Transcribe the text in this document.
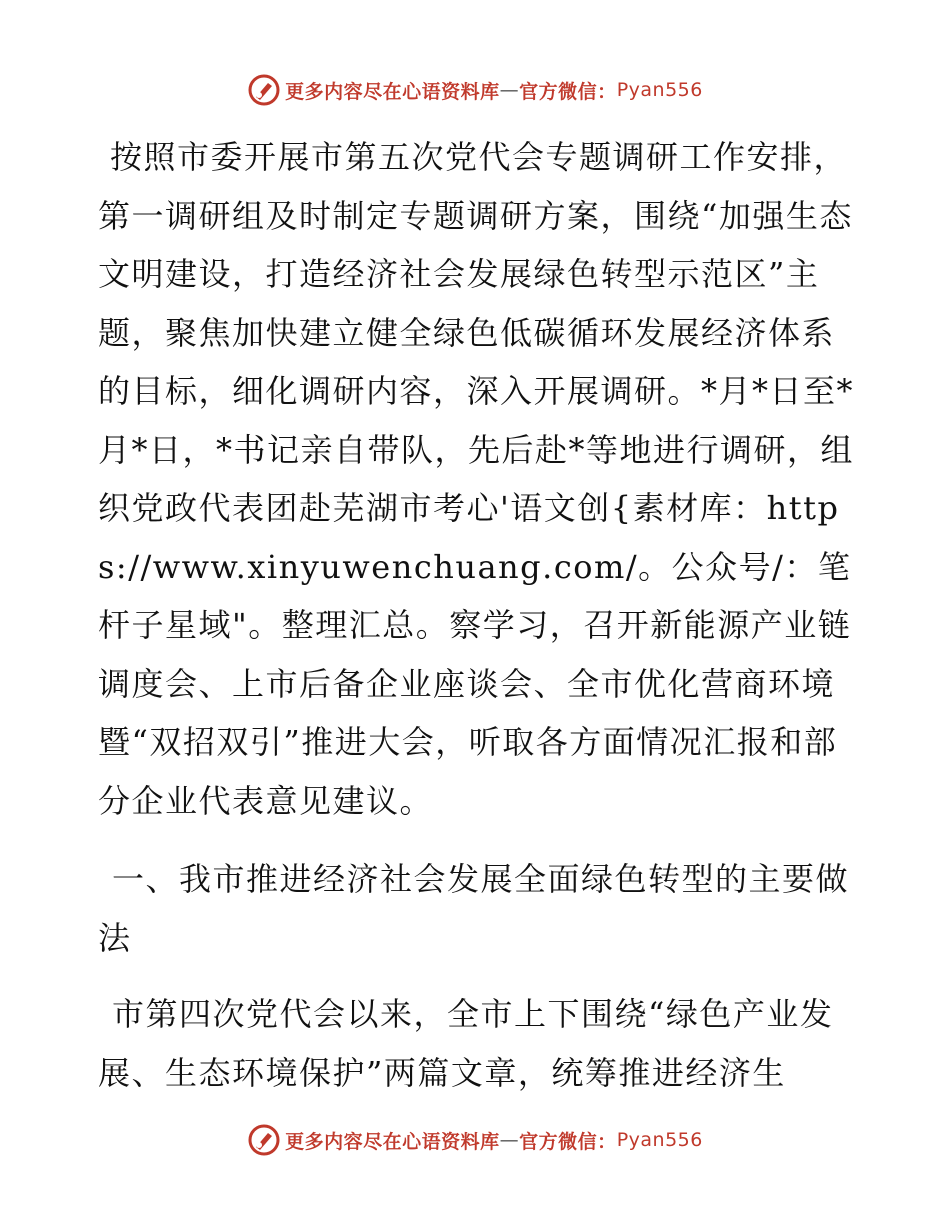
更多内容尽在心语资料库 — 官方微信： Pyan556

按照市委开展市第五次党代会专题调研工作安排，第一调研组及时制定专题调研方案，围绕“加强生态文明建设，打造经济社会发展绿色转型示范区”主题，聚焦加快建立健全绿色低碳循环发展经济体系的目标，细化调研内容，深入开展调研。*月*日至*月*日，*书记亲自带队，先后赴*等地进行调研，组织党政代表团赴芜湖市考心'语文创{素材库：https://www.xinyuwenchuang.com/。公众号/：笔杆子星域"。整理汇总。察学习，召开新能源产业链调度会、上市后备企业座谈会、全市优化营商环境暨“双招双引”推进大会，听取各方面情况汇报和部分企业代表意见建议。

一、我市推进经济社会发展全面绿色转型的主要做法

市第四次党代会以来，全市上下围绕“绿色产业发展、生态环境保护”两篇文章，统筹推进经济生

更多内容尽在心语资料库 — 官方微信： Pyan556
